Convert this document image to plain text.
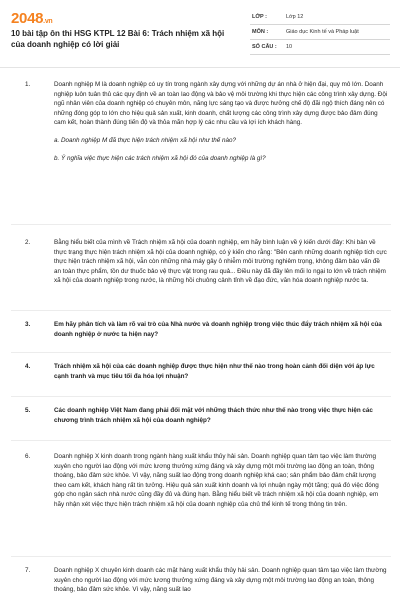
2048.vn
10 bài tập ôn thi HSG KTPL 12 Bài 6: Trách nhiệm xã hội của doanh nghiệp có lời giải
LỚP :	Lớp 12
MÔN :	Giáo dục Kinh tế và Pháp luật
SỐ CÂU :	10
1.	Doanh nghiệp M là doanh nghiệp có uy tín trong ngành xây dựng với những dự án nhà ở hiện đại, quy mô lớn. Doanh nghiệp luôn tuân thủ các quy định về an toàn lao động và bảo vệ môi trường khi thực hiện các công trình xây dựng. Đội ngũ nhân viên của doanh nghiệp có chuyên môn, năng lực sáng tạo và được hưởng chế độ đãi ngộ thích đáng nên có những đóng góp to lớn cho hiệu quả sản xuất, kinh doanh, chất lượng các công trình xây dựng được bảo đảm đúng cam kết, hoàn thành đúng tiến độ và thỏa mãn hợp lý các nhu cầu và lợi ích khách hàng.

a. Doanh nghiệp M đã thực hiện trách nhiệm xã hội như thế nào?

b. Ý nghĩa việc thực hiện các trách nhiệm xã hội đó của doanh nghiệp là gì?

2.	Bằng hiểu biết của mình về Trách nhiệm xã hội của doanh nghiệp, em hãy bình luận về ý kiến dưới đây: Khi bàn về thực trạng thực hiện trách nhiệm xã hội của doanh nghiệp, có ý kiến cho rằng: "Bên cạnh những doanh nghiệp tích cực thực hiện trách nhiệm xã hội, vẫn còn những nhà máy gây ô nhiễm môi trường nghiêm trọng, không đảm bảo vấn đề an toàn thực phẩm, tồn dư thuốc bảo vệ thực vật trong rau quả... Điều này đã đầy lên mối lo ngại to lớn về trách nhiệm xã hội của doanh nghiệp trong nước, là những hồi chuông cảnh tỉnh về đạo đức, văn hóa doanh nghiệp nước ta.

3.	Em hãy phân tích và làm rõ vai trò của Nhà nước và doanh nghiệp trong việc thúc đẩy trách nhiệm xã hội của doanh nghiệp ở nước ta hiện nay?

4.	Trách nhiệm xã hội của các doanh nghiệp được thực hiện như thế nào trong hoàn cảnh đối diện với áp lực cạnh tranh và mục tiêu tối đa hóa lợi nhuận?

5.	Các doanh nghiệp Việt Nam đang phải đối mặt với những thách thức như thế nào trong việc thực hiện các chương trình trách nhiệm xã hội của doanh nghiệp?

6.	Doanh nghiệp X kinh doanh trong ngành hàng xuất khẩu thủy hải sản. Doanh nghiệp quan tâm tạo việc làm thường xuyên cho người lao động với mức lương thưởng xứng đáng và xây dựng một môi trường lao động an toàn, thông thoáng, bảo đảm sức khỏe. Vì vậy, năng suất lao động trong doanh nghiệp khá cao; sản phẩm bảo đảm chất lượng theo cam kết, khách hàng rất tin tưởng. Hiệu quả sản xuất kinh doanh và lợi nhuận ngày một tăng; quá đó việc đóng góp cho ngân sách nhà nước cũng đầy đủ và đúng hạn. Bằng hiểu biết về trách nhiệm xã hội của doanh nghiệp, em hãy nhận xét việc thực hiện trách nhiệm xã hội của doanh nghiệp của chủ thể kinh tế trong thông tin trên.

7.	Doanh nghiệp X chuyên kinh doanh các mặt hàng xuất khẩu thủy hải sản. Doanh nghiệp quan tâm tạo việc làm thường xuyên cho người lao động với mức lương thưởng xứng đáng và xây dựng một môi trường lao động an toàn, thông thoáng, bảo đảm sức khỏe. Vì vậy, năng suất lao
